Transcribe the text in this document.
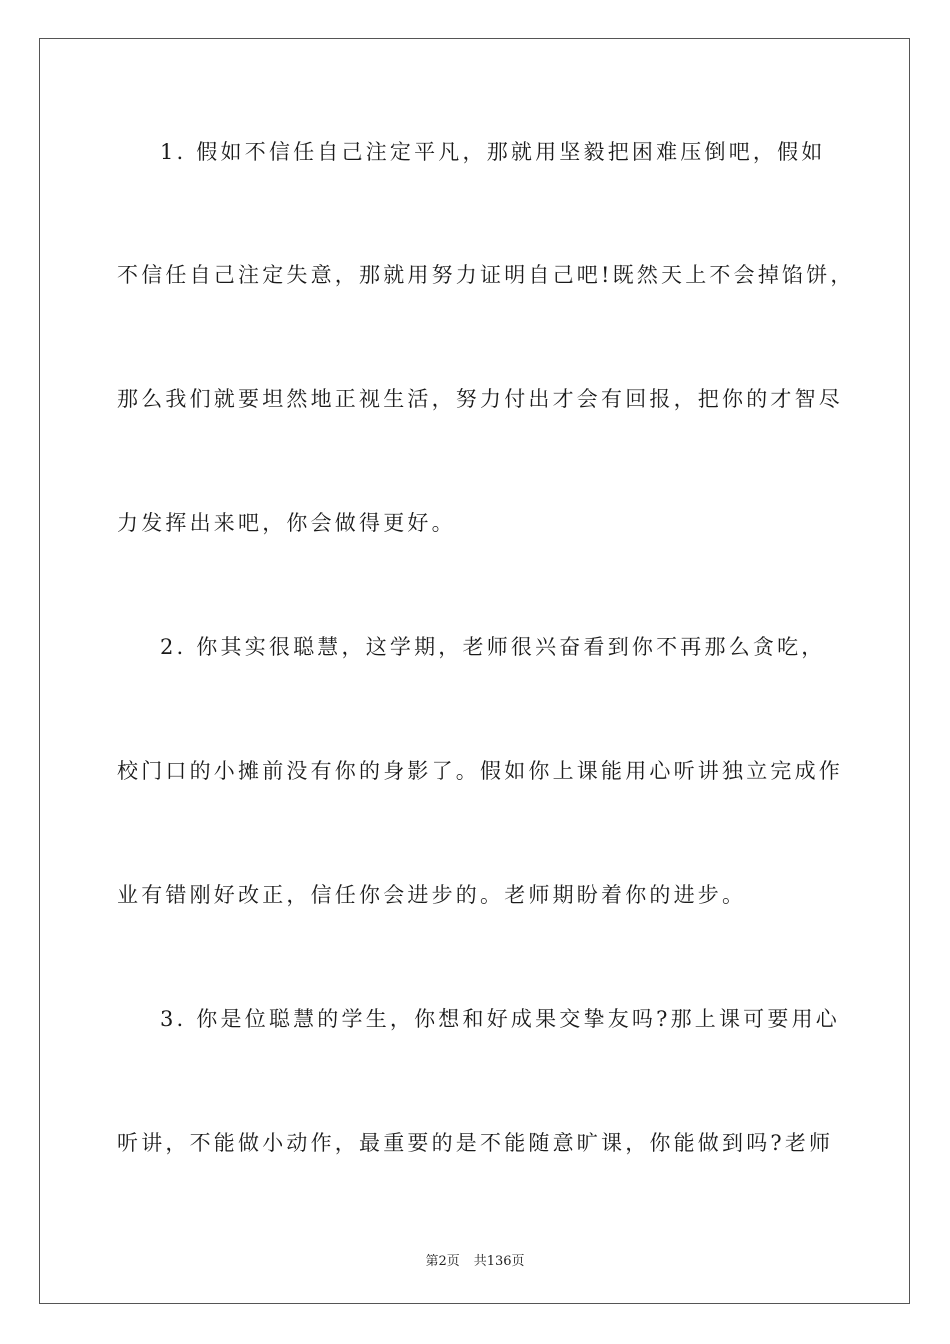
1. 假如不信任自己注定平凡，那就用坚毅把困难压倒吧，假如
不信任自己注定失意，那就用努力证明自己吧!既然天上不会掉馅饼，
那么我们就要坦然地正视生活，努力付出才会有回报，把你的才智尽
力发挥出来吧，你会做得更好。
2. 你其实很聪慧，这学期，老师很兴奋看到你不再那么贪吃，
校门口的小摊前没有你的身影了。假如你上课能用心听讲独立完成作
业有错刚好改正，信任你会进步的。老师期盼着你的进步。
3. 你是位聪慧的学生，你想和好成果交挚友吗?那上课可要用心
听讲，不能做小动作，最重要的是不能随意旷课，你能做到吗?老师
第2页 共136页
